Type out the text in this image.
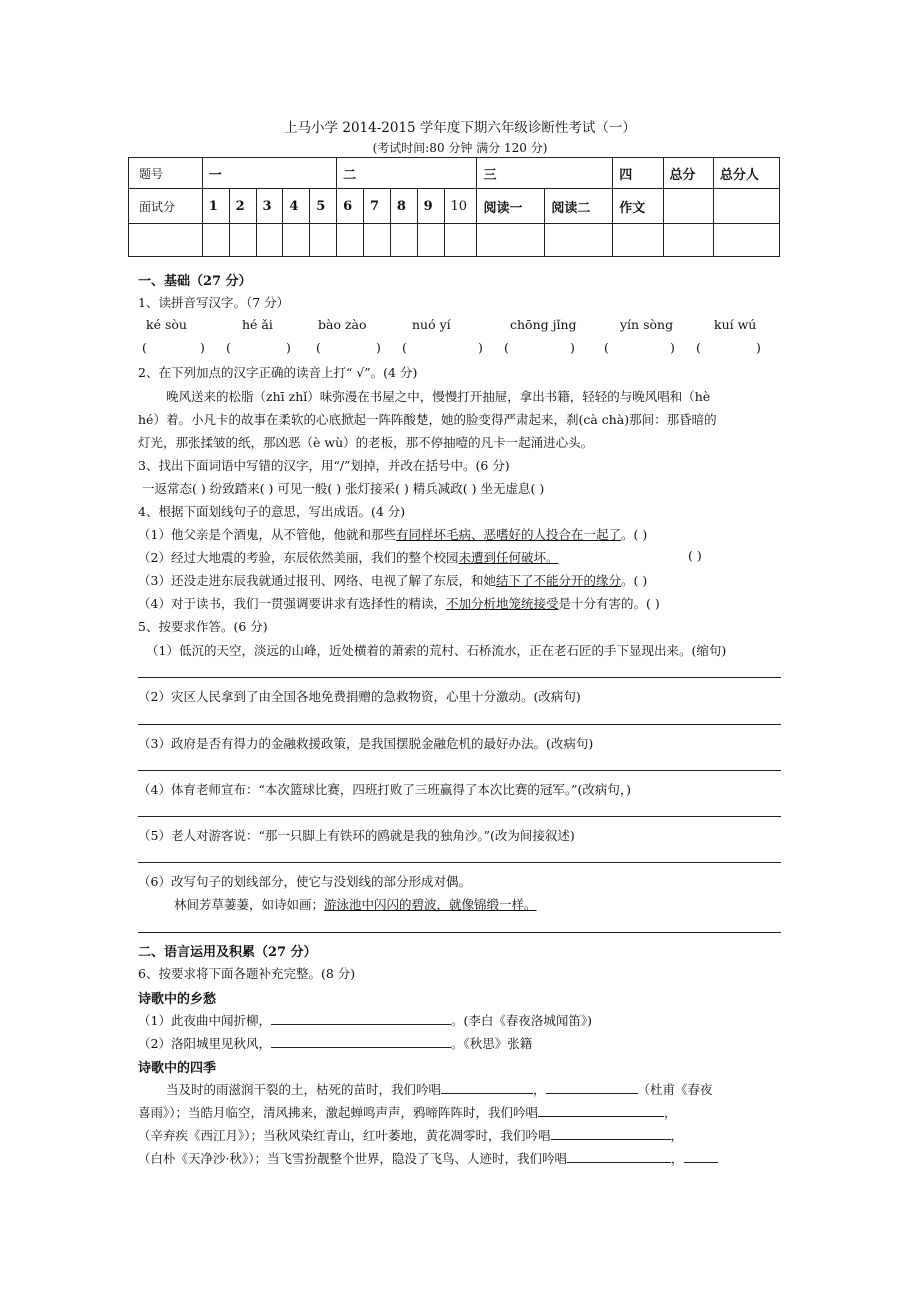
上马小学 2014-2015 学年度下期六年级诊断性考试（一）
(考试时间:80 分钟 满分 120 分)
题号	一					二					三		四	总分	总分人
面试分	1	2	3	4	5	6	7	8	9	10	阅读一	阅读二	作文		

一、基础（27 分）
1、读拼音写汉字。（7 分）
ké sòu	hé ǎi	bào zào	nuó yí	chōng jǐng	yín sòng	kuí wú
(	) (	) (	) (	) (	) (	) (	)
2、在下列加点的汉字正确的读音上打“ √”。(4 分)
晚风送来的松脂（zhī zhǐ）味弥漫在书屋之中，慢慢打开抽屉，拿出书籍，轻轻的与晚风唱和（hè
hé）着。小凡卡的故事在柔软的心底掀起一阵阵酸楚，她的脸变得严肃起来，刹(cà chà)那间：那昏暗的
灯光，那张揉皱的纸，那凶恶（è wù）的老板，那不停抽噎的凡卡一起涌进心头。
3、找出下面词语中写错的汉字，用“/”划掉，并改在括号中。(6 分)
一返常态( ) 纷致踏来( ) 可见一般( ) 张灯接采( ) 精兵减政( ) 坐无虚息( )
4、根据下面划线句子的意思，写出成语。(4 分)
（1）他父亲是个酒鬼，从不管他，他就和那些有同样坏毛病、恶嗜好的人投合在一起了。( )
（2）经过大地震的考验，东辰依然美丽，我们的整个校园未遭到任何破坏。	( )
（3）还没走进东辰我就通过报刊、网络、电视了解了东辰，和她结下了不能分开的缘分。( )
（4）对于读书，我们一贯强调要讲求有选择性的精读，不加分析地笼统接受是十分有害的。( )
5、按要求作答。(6 分)
（1）低沉的天空，淡远的山峰，近处横着的萧索的荒村、石桥流水，正在老石匠的手下显现出来。(缩句)
（2）灾区人民拿到了由全国各地免费捐赠的急救物资，心里十分激动。(改病句)
（3）政府是否有得力的金融救援政策，是我国摆脱金融危机的最好办法。(改病句)
（4）体育老师宣布：“本次篮球比赛，四班打败了三班赢得了本次比赛的冠军。”(改病句，)
（5）老人对游客说：“那一只脚上有铁环的鸥就是我的独角沙。”(改为间接叙述)
（6）改写句子的划线部分，使它与没划线的部分形成对偶。
林间芳草萋萋，如诗如画；游泳池中闪闪的碧波，就像锦缎一样。
二、语言运用及积累（27 分）
6、按要求将下面各题补充完整。(8 分)
诗歌中的乡愁
（1）此夜曲中闻折柳，	。(李白《春夜洛城闻笛》)
（2）洛阳城里见秋风，	。《秋思》张籍
诗歌中的四季
当及时的雨滋润干裂的土，枯死的苗时，我们吟唱	，	（杜甫《春夜
喜雨》）；当皓月临空，清风拂来，激起蝉鸣声声，鸦啼阵阵时，我们吟唱	，
（辛弃疾《西江月》）；当秋风染红青山，红叶萎地，黄花凋零时，我们吟唱	，
（白朴《天净沙·秋》）；当飞雪扮靓整个世界，隐没了飞鸟、人迹时，我们吟唱	，
